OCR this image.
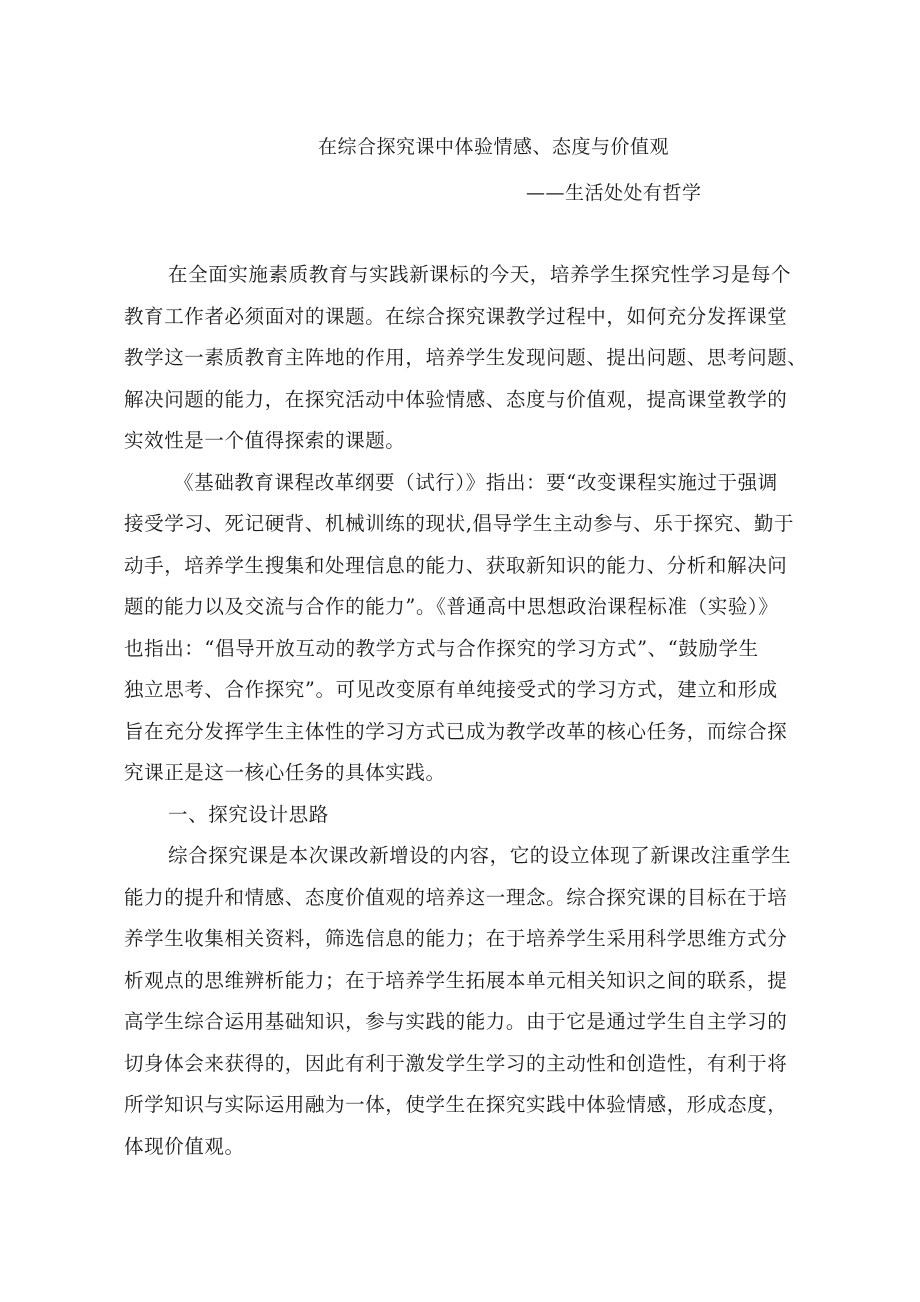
在综合探究课中体验情感、态度与价值观
——生活处处有哲学
在全面实施素质教育与实践新课标的今天，培养学生探究性学习是每个
教育工作者必须面对的课题。在综合探究课教学过程中，如何充分发挥课堂
教学这一素质教育主阵地的作用，培养学生发现问题、提出问题、思考问题、
解决问题的能力，在探究活动中体验情感、态度与价值观，提高课堂教学的
实效性是一个值得探索的课题。
《基础教育课程改革纲要（试行）》指出：要“改变课程实施过于强调
接受学习、死记硬背、机械训练的现状,倡导学生主动参与、乐于探究、勤于
动手，培养学生搜集和处理信息的能力、获取新知识的能力、分析和解决问
题的能力以及交流与合作的能力”。《普通高中思想政治课程标准（实验）》
也指出：“倡导开放互动的教学方式与合作探究的学习方式”、“鼓励学生
独立思考、合作探究”。可见改变原有单纯接受式的学习方式，建立和形成
旨在充分发挥学生主体性的学习方式已成为教学改革的核心任务，而综合探
究课正是这一核心任务的具体实践。
一、探究设计思路
综合探究课是本次课改新增设的内容，它的设立体现了新课改注重学生
能力的提升和情感、态度价值观的培养这一理念。综合探究课的目标在于培
养学生收集相关资料，筛选信息的能力；在于培养学生采用科学思维方式分
析观点的思维辨析能力；在于培养学生拓展本单元相关知识之间的联系，提
高学生综合运用基础知识，参与实践的能力。由于它是通过学生自主学习的
切身体会来获得的，因此有利于激发学生学习的主动性和创造性，有利于将
所学知识与实际运用融为一体，使学生在探究实践中体验情感，形成态度，
体现价值观。
